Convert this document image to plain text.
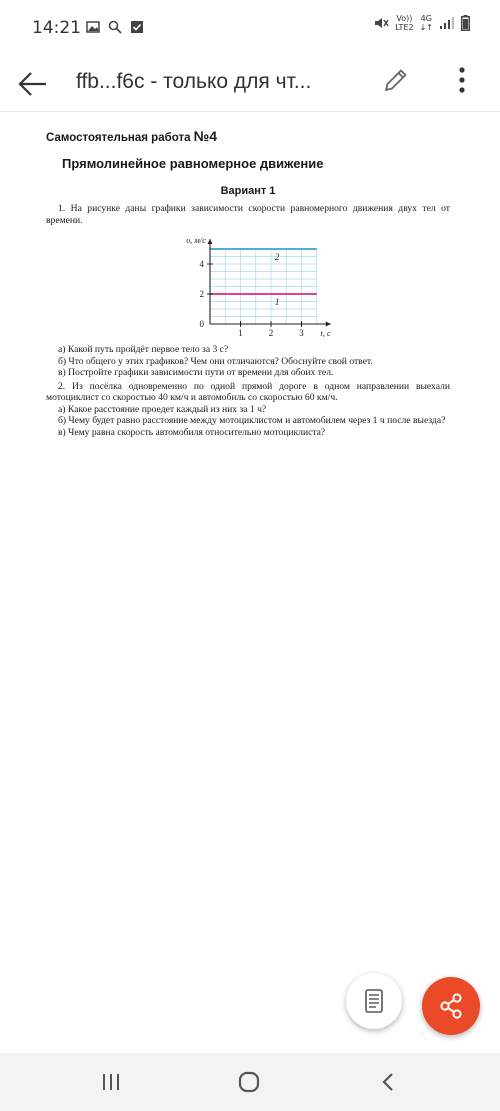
14:21	Vo))
LTE2
4G
↓↑
ffb...f6c - только для чт...
Самостоятельная работа №4
Прямолинейное равномерное движение
Вариант 1

1. На рисунке даны графики зависимости скорости равномерного движения двух тел от времени.

1	2	3
2
4
0
υ, м/с
t, с
1
2

а) Какой путь пройдёт первое тело за 3 с?

б) Что общего у этих графиков? Чем они отличаются? Обоснуйте свой ответ.

в) Постройте графики зависимости пути от времени для обоих тел.

2. Из посёлка одновременно по одной прямой дороге в одном направлении выехали мотоциклист со скоростью 40 км/ч и автомобиль со скоростью 60 км/ч.

а) Какое расстояние проедет каждый из них за 1 ч?

б) Чему будет равно расстояние между мотоциклистом и автомобилем через 1 ч после выезда?

в) Чему равна скорость автомобиля относительно мотоциклиста?
